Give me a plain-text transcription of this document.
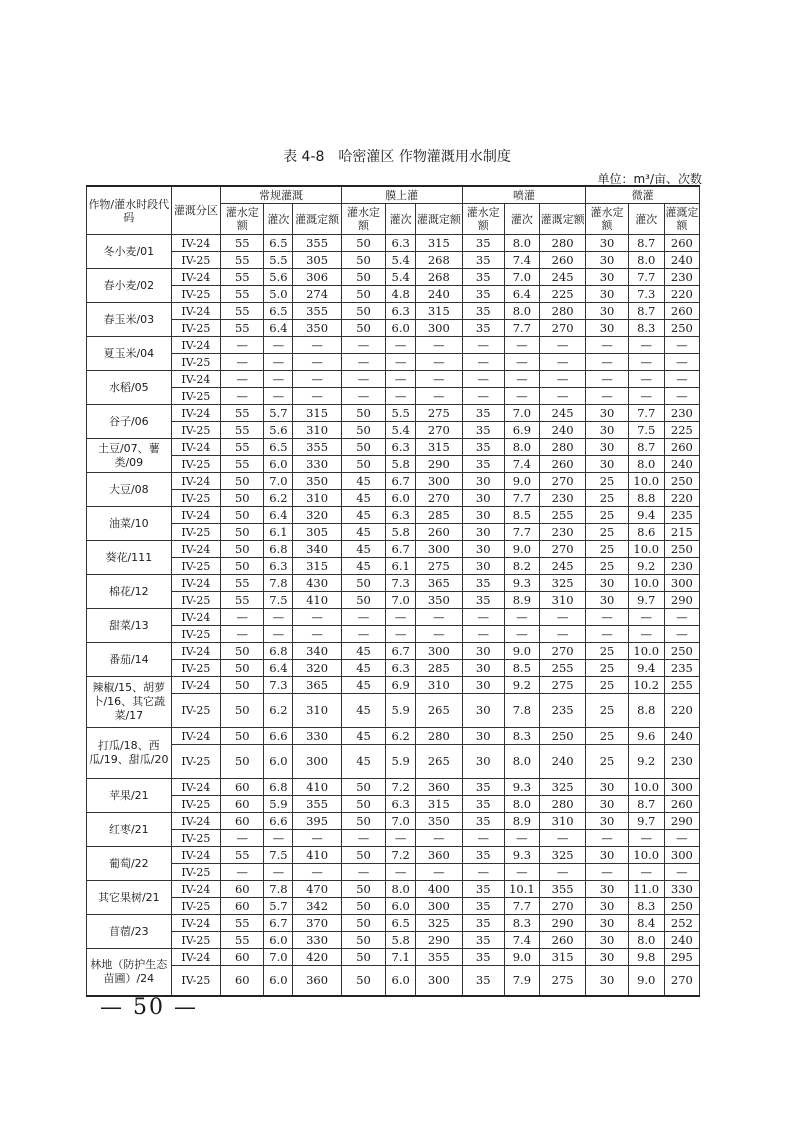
表 4-8　哈密灌区 作物灌溉用水制度
单位：m³/亩、次数
作物/灌水时段代码	灌溉分区	常规灌溉			膜上灌			喷灌			微灌		
		灌水定额	灌次	灌溉定额	灌水定额	灌次	灌溉定额	灌水定额	灌次	灌溉定额	灌水定额	灌次	灌溉定额
冬小麦/01	IV-24	55	6.5	355	50	6.3	315	35	8.0	280	30	8.7	260
	IV-25	55	5.5	305	50	5.4	268	35	7.4	260	30	8.0	240
春小麦/02	IV-24	55	5.6	306	50	5.4	268	35	7.0	245	30	7.7	230
	IV-25	55	5.0	274	50	4.8	240	35	6.4	225	30	7.3	220
春玉米/03	IV-24	55	6.5	355	50	6.3	315	35	8.0	280	30	8.7	260
	IV-25	55	6.4	350	50	6.0	300	35	7.7	270	30	8.3	250
夏玉米/04	IV-24	—	—	—	—	—	—	—	—	—	—	—	—
	IV-25	—	—	—	—	—	—	—	—	—	—	—	—
水稻/05	IV-24	—	—	—	—	—	—	—	—	—	—	—	—
	IV-25	—	—	—	—	—	—	—	—	—	—	—	—
谷子/06	IV-24	55	5.7	315	50	5.5	275	35	7.0	245	30	7.7	230
	IV-25	55	5.6	310	50	5.4	270	35	6.9	240	30	7.5	225
土豆/07、薯类/09	IV-24	55	6.5	355	50	6.3	315	35	8.0	280	30	8.7	260
	IV-25	55	6.0	330	50	5.8	290	35	7.4	260	30	8.0	240
大豆/08	IV-24	50	7.0	350	45	6.7	300	30	9.0	270	25	10.0	250
	IV-25	50	6.2	310	45	6.0	270	30	7.7	230	25	8.8	220
油菜/10	IV-24	50	6.4	320	45	6.3	285	30	8.5	255	25	9.4	235
	IV-25	50	6.1	305	45	5.8	260	30	7.7	230	25	8.6	215
葵花/111	IV-24	50	6.8	340	45	6.7	300	30	9.0	270	25	10.0	250
	IV-25	50	6.3	315	45	6.1	275	30	8.2	245	25	9.2	230
棉花/12	IV-24	55	7.8	430	50	7.3	365	35	9.3	325	30	10.0	300
	IV-25	55	7.5	410	50	7.0	350	35	8.9	310	30	9.7	290
甜菜/13	IV-24	—	—	—	—	—	—	—	—	—	—	—	—
	IV-25	—	—	—	—	—	—	—	—	—	—	—	—
番茄/14	IV-24	50	6.8	340	45	6.7	300	30	9.0	270	25	10.0	250
	IV-25	50	6.4	320	45	6.3	285	30	8.5	255	25	9.4	235
辣椒/15、胡萝卜/16、其它蔬菜/17	IV-24	50	7.3	365	45	6.9	310	30	9.2	275	25	10.2	255
	IV-25	50	6.2	310	45	5.9	265	30	7.8	235	25	8.8	220
打瓜/18、西瓜/19、甜瓜/20	IV-24	50	6.6	330	45	6.2	280	30	8.3	250	25	9.6	240
	IV-25	50	6.0	300	45	5.9	265	30	8.0	240	25	9.2	230
苹果/21	IV-24	60	6.8	410	50	7.2	360	35	9.3	325	30	10.0	300
	IV-25	60	5.9	355	50	6.3	315	35	8.0	280	30	8.7	260
红枣/21	IV-24	60	6.6	395	50	7.0	350	35	8.9	310	30	9.7	290
	IV-25	—	—	—	—	—	—	—	—	—	—	—	—
葡萄/22	IV-24	55	7.5	410	50	7.2	360	35	9.3	325	30	10.0	300
	IV-25	—	—	—	—	—	—	—	—	—	—	—	—
其它果树/21	IV-24	60	7.8	470	50	8.0	400	35	10.1	355	30	11.0	330
	IV-25	60	5.7	342	50	6.0	300	35	7.7	270	30	8.3	250
苜蓿/23	IV-24	55	6.7	370	50	6.5	325	35	8.3	290	30	8.4	252
	IV-25	55	6.0	330	50	5.8	290	35	7.4	260	30	8.0	240
林地（防护生态苗圃）/24	IV-24	60	7.0	420	50	7.1	355	35	9.0	315	30	9.8	295
	IV-25	60	6.0	360	50	6.0	300	35	7.9	275	30	9.0	270
— 50 —
